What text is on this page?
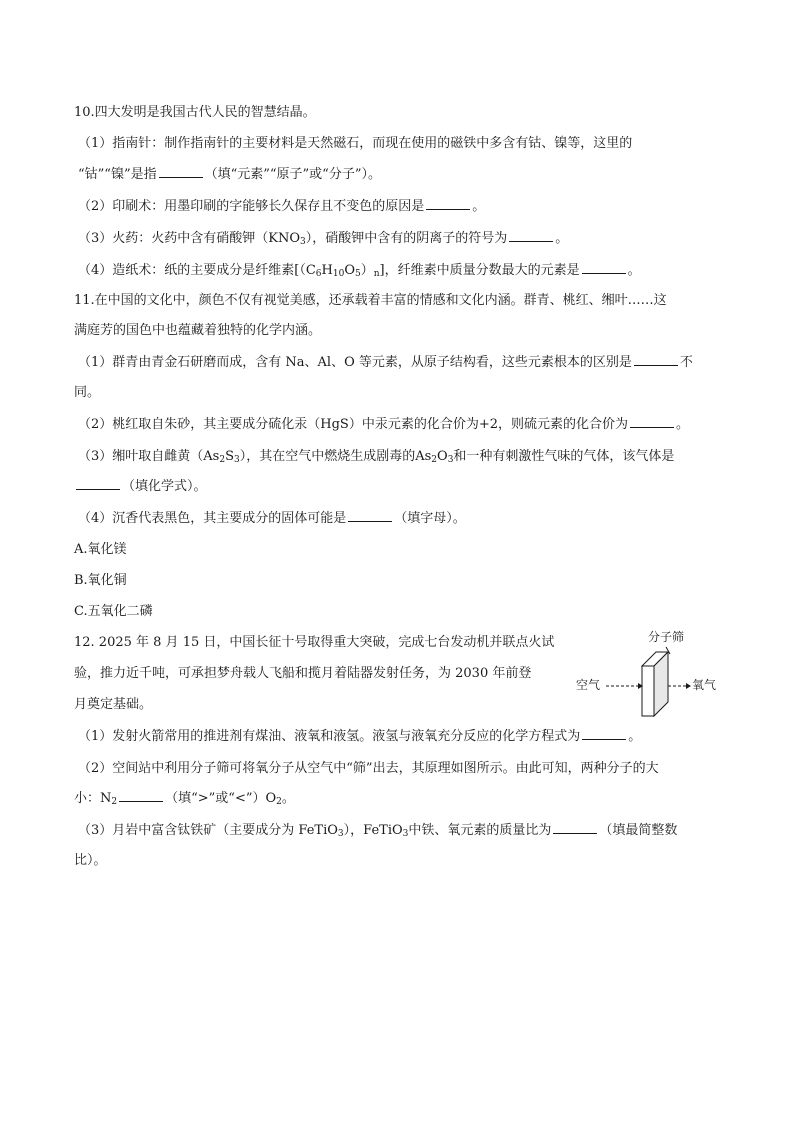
10.四大发明是我国古代人民的智慧结晶。
（1）指南针：制作指南针的主要材料是天然磁石，而现在使用的磁铁中多含有钴、镍等，这里的
“钴”“镍”是指	（填“元素”“原子”或“分子”）。
（2）印刷术：用墨印刷的字能够长久保存且不变色的原因是	。
（3）火药：火药中含有硝酸钾$(KNO_3)$，硝酸钾中含有的阴离子的符号为	。
（4）造纸术：纸的主要成分是纤维素$[(C_6H_{10}O_5)_n]$，纤维素中质量分数最大的元素是	。
11.在中国的文化中，颜色不仅有视觉美感，还承载着丰富的情感和文化内涵。群青、桃红、缃叶……这
满庭芳的国色中也蕴藏着独特的化学内涵。
（1）群青由青金石研磨而成，含有 Na、Al、O 等元素，从原子结构看，这些元素根本的区别是	不
同。
（2）桃红取自朱砂，其主要成分硫化汞（HgS）中汞元素的化合价为+2，则硫元素的化合价为	。
（3）缃叶取自雌黄$(As_2S_3)$，其在空气中燃烧生成剧毒的$As_2O_3$和一种有刺激性气味的气体，该气体是
（填化学式）。
（4）沉香代表黑色，其主要成分的固体可能是	（填字母）。
A.氧化镁
B.氧化铜
C.五氧化二磷
12. 2025 年 8 月 15 日，中国长征十号取得重大突破，完成七台发动机并联点火试
验，推力近千吨，可承担梦舟载人飞船和揽月着陆器发射任务，为 2030 年前登
月奠定基础。
（1）发射火箭常用的推进剂有煤油、液氧和液氢。液氢与液氧充分反应的化学方程式为	。
（2）空间站中利用分子筛可将氧分子从空气中“筛”出去，其原理如图所示。由此可知，两种分子的大
小：$N_2$	（填“>”或“$<”)O_2$。
（3）月岩中富含钛铁矿（主要成分为 FeTiO$_3$），FeTiO$_3$中铁、氧元素的质量比为	（填最简整数
比）。
分子筛
空气	氧气
